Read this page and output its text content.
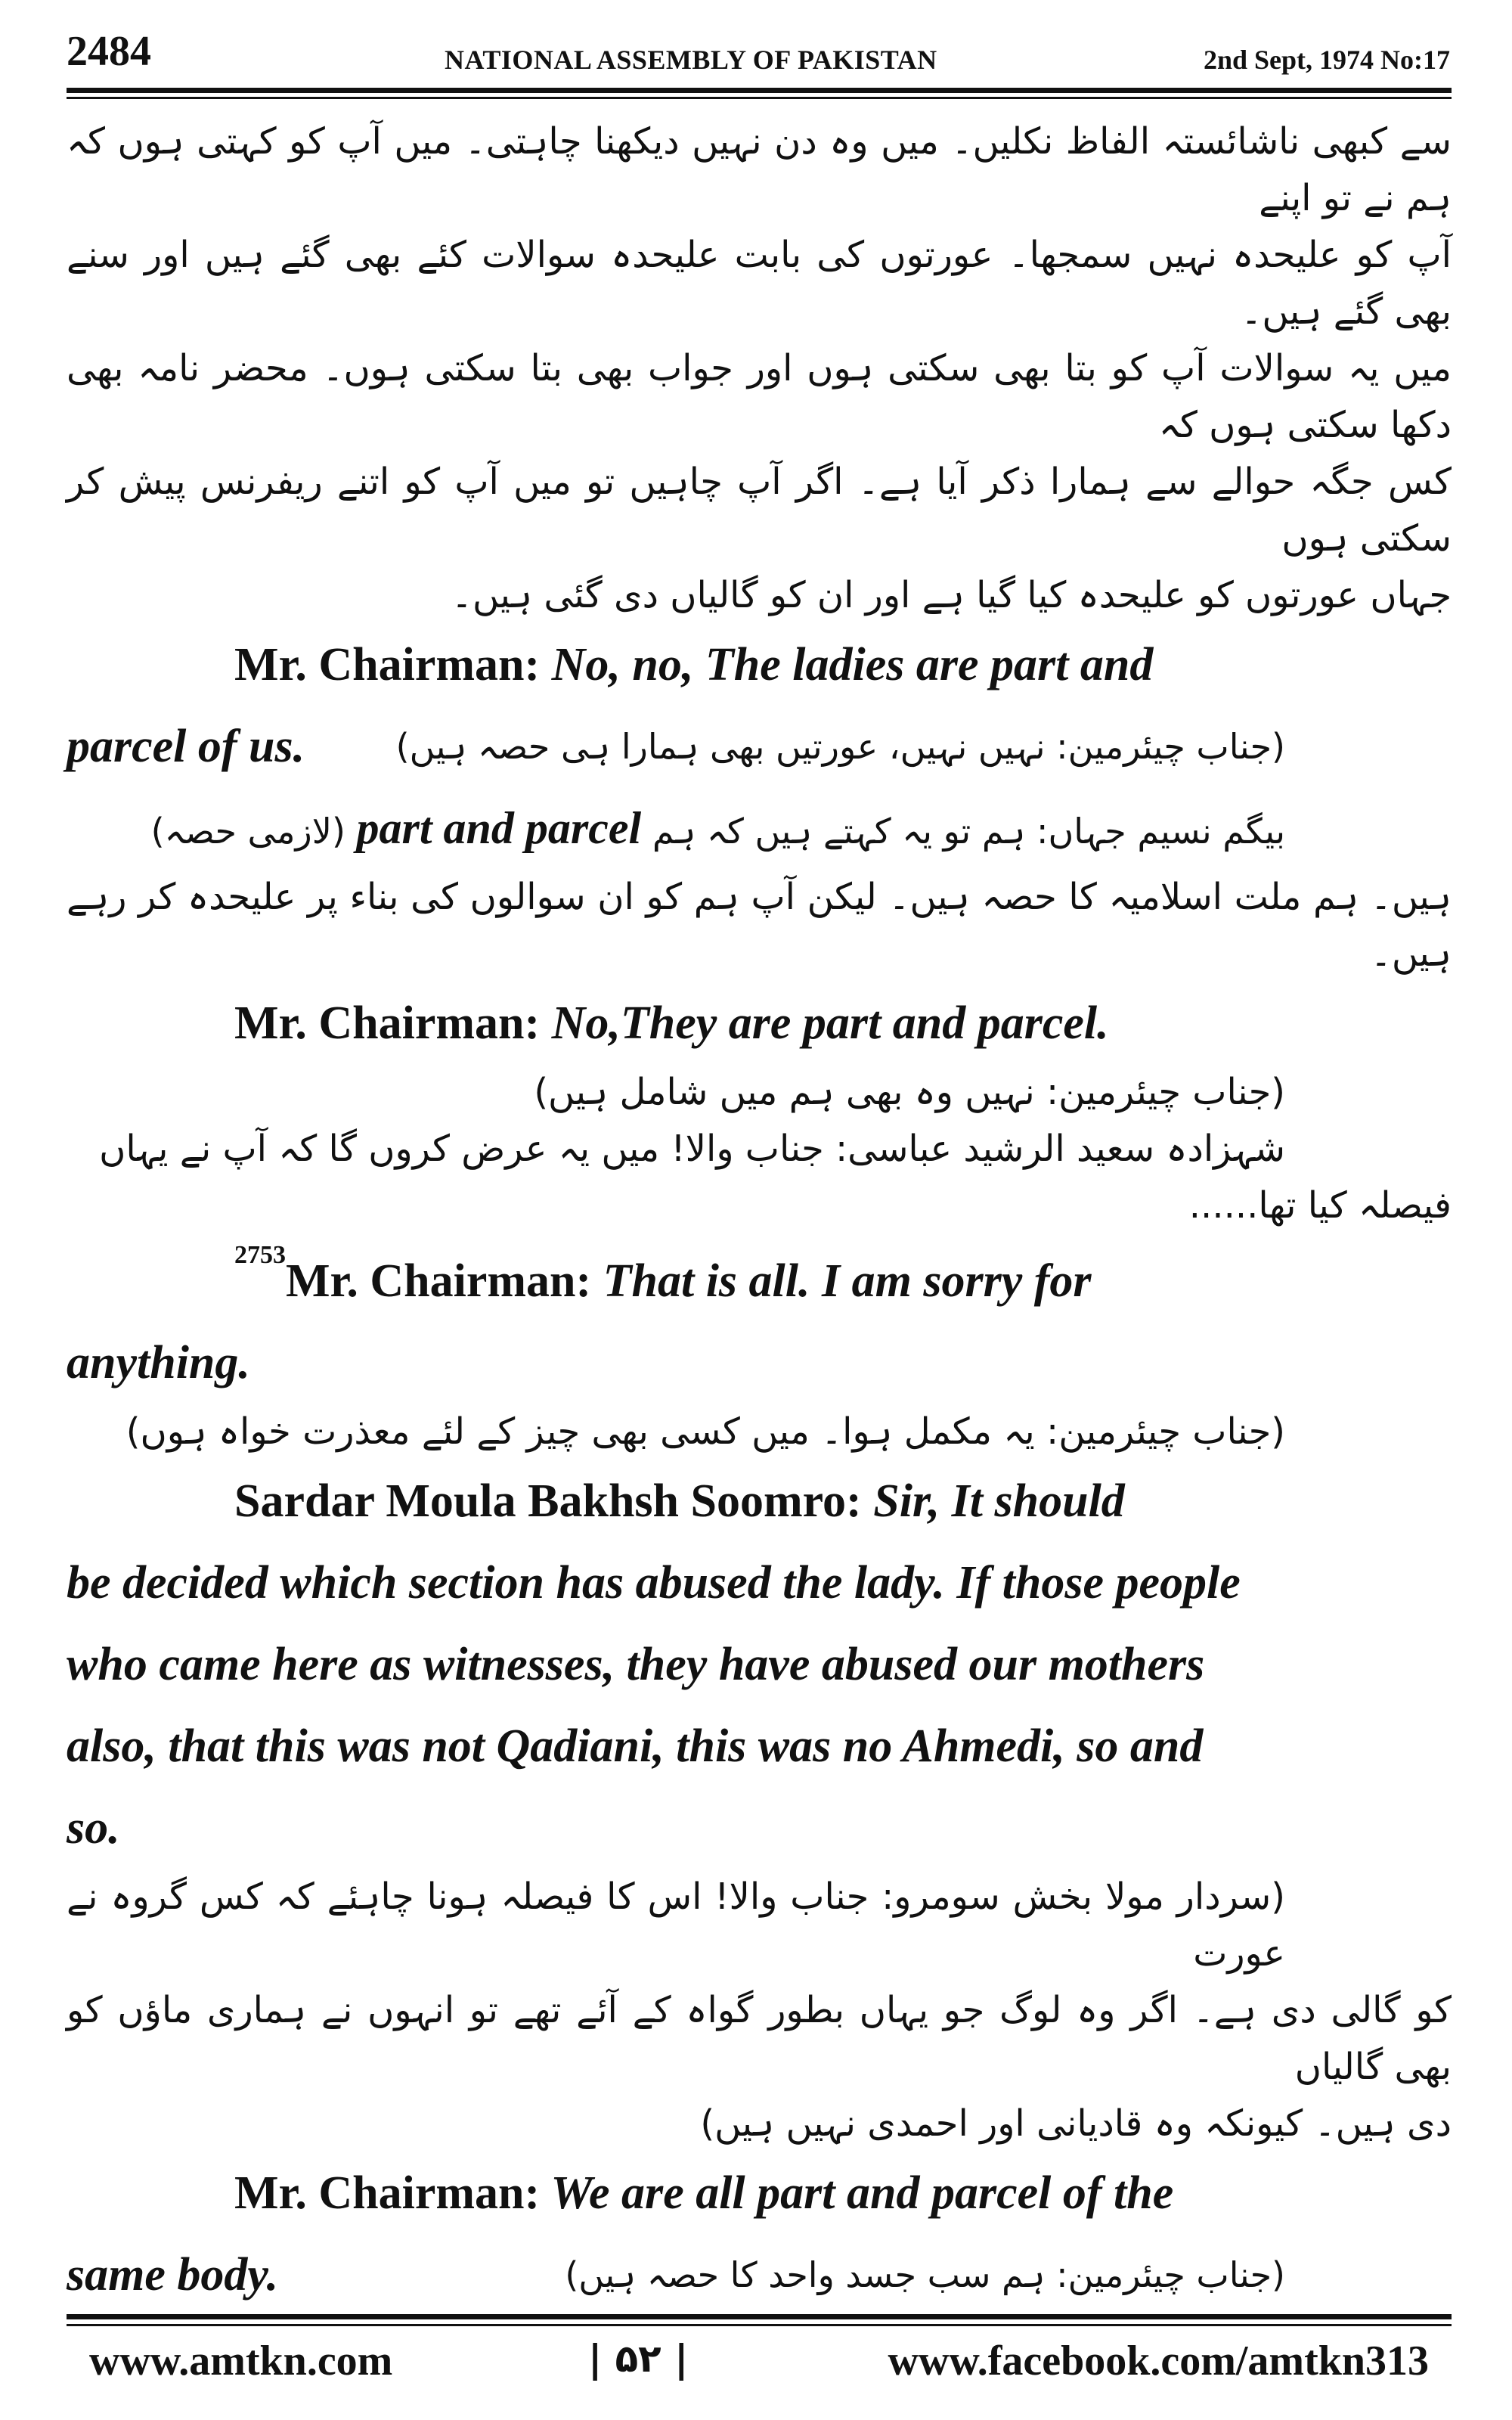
2484	NATIONAL ASSEMBLY OF PAKISTAN	2nd Sept, 1974 No:17

سے کبھی ناشائستہ الفاظ نکلیں۔ میں وہ دن نہیں دیکھنا چاہتی۔ میں آپ کو کہتی ہوں کہ ہم نے تو اپنے

آپ کو علیحدہ نہیں سمجھا۔ عورتوں کی بابت علیحدہ سوالات کئے بھی گئے ہیں اور سنے بھی گئے ہیں۔

میں یہ سوالات آپ کو بتا بھی سکتی ہوں اور جواب بھی بتا سکتی ہوں۔ محضر نامہ بھی دکھا سکتی ہوں کہ

کس جگہ حوالے سے ہمارا ذکر آیا ہے۔ اگر آپ چاہیں تو میں آپ کو اتنے ریفرنس پیش کر سکتی ہوں

جہاں عورتوں کو علیحدہ کیا گیا ہے اور ان کو گالیاں دی گئی ہیں۔

Mr. Chairman: No, no, The ladies are part and

parcel of us.	(جناب چیئرمین: نہیں نہیں، عورتیں بھی ہمارا ہی حصہ ہیں)
بیگم نسیم جہاں: ہم تو یہ کہتے ہیں کہ ہم part and parcel (لازمی حصہ)

ہیں۔ ہم ملت اسلامیہ کا حصہ ہیں۔ لیکن آپ ہم کو ان سوالوں کی بناء پر علیحدہ کر رہے ہیں۔

Mr. Chairman: No,They are part and parcel.

(جناب چیئرمین: نہیں وہ بھی ہم میں شامل ہیں)

شہزادہ سعید الرشید عباسی: جناب والا! میں یہ عرض کروں گا کہ آپ نے یہاں

فیصلہ کیا تھا......

$^{2753}$Mr. Chairman: That is all. I am sorry for

anything.

(جناب چیئرمین: یہ مکمل ہوا۔ میں کسی بھی چیز کے لئے معذرت خواہ ہوں)

Sardar Moula Bakhsh Soomro: Sir, It should

be decided which section has abused the lady. If those people

who came here as witnesses, they have abused our mothers

also, that this was not Qadiani, this was no Ahmedi, so and

so.

(سردار مولا بخش سومرو: جناب والا! اس کا فیصلہ ہونا چاہئے کہ کس گروہ نے عورت

کو گالی دی ہے۔ اگر وہ لوگ جو یہاں بطور گواہ کے آئے تھے تو انہوں نے ہماری ماؤں کو بھی گالیاں

دی ہیں۔ کیونکہ وہ قادیانی اور احمدی نہیں ہیں)

Mr. Chairman: We are all part and parcel of the

same body.	(جناب چیئرمین: ہم سب جسد واحد کا حصہ ہیں)
www.amtkn.com	| ۵۲ |	www.facebook.com/amtkn313
